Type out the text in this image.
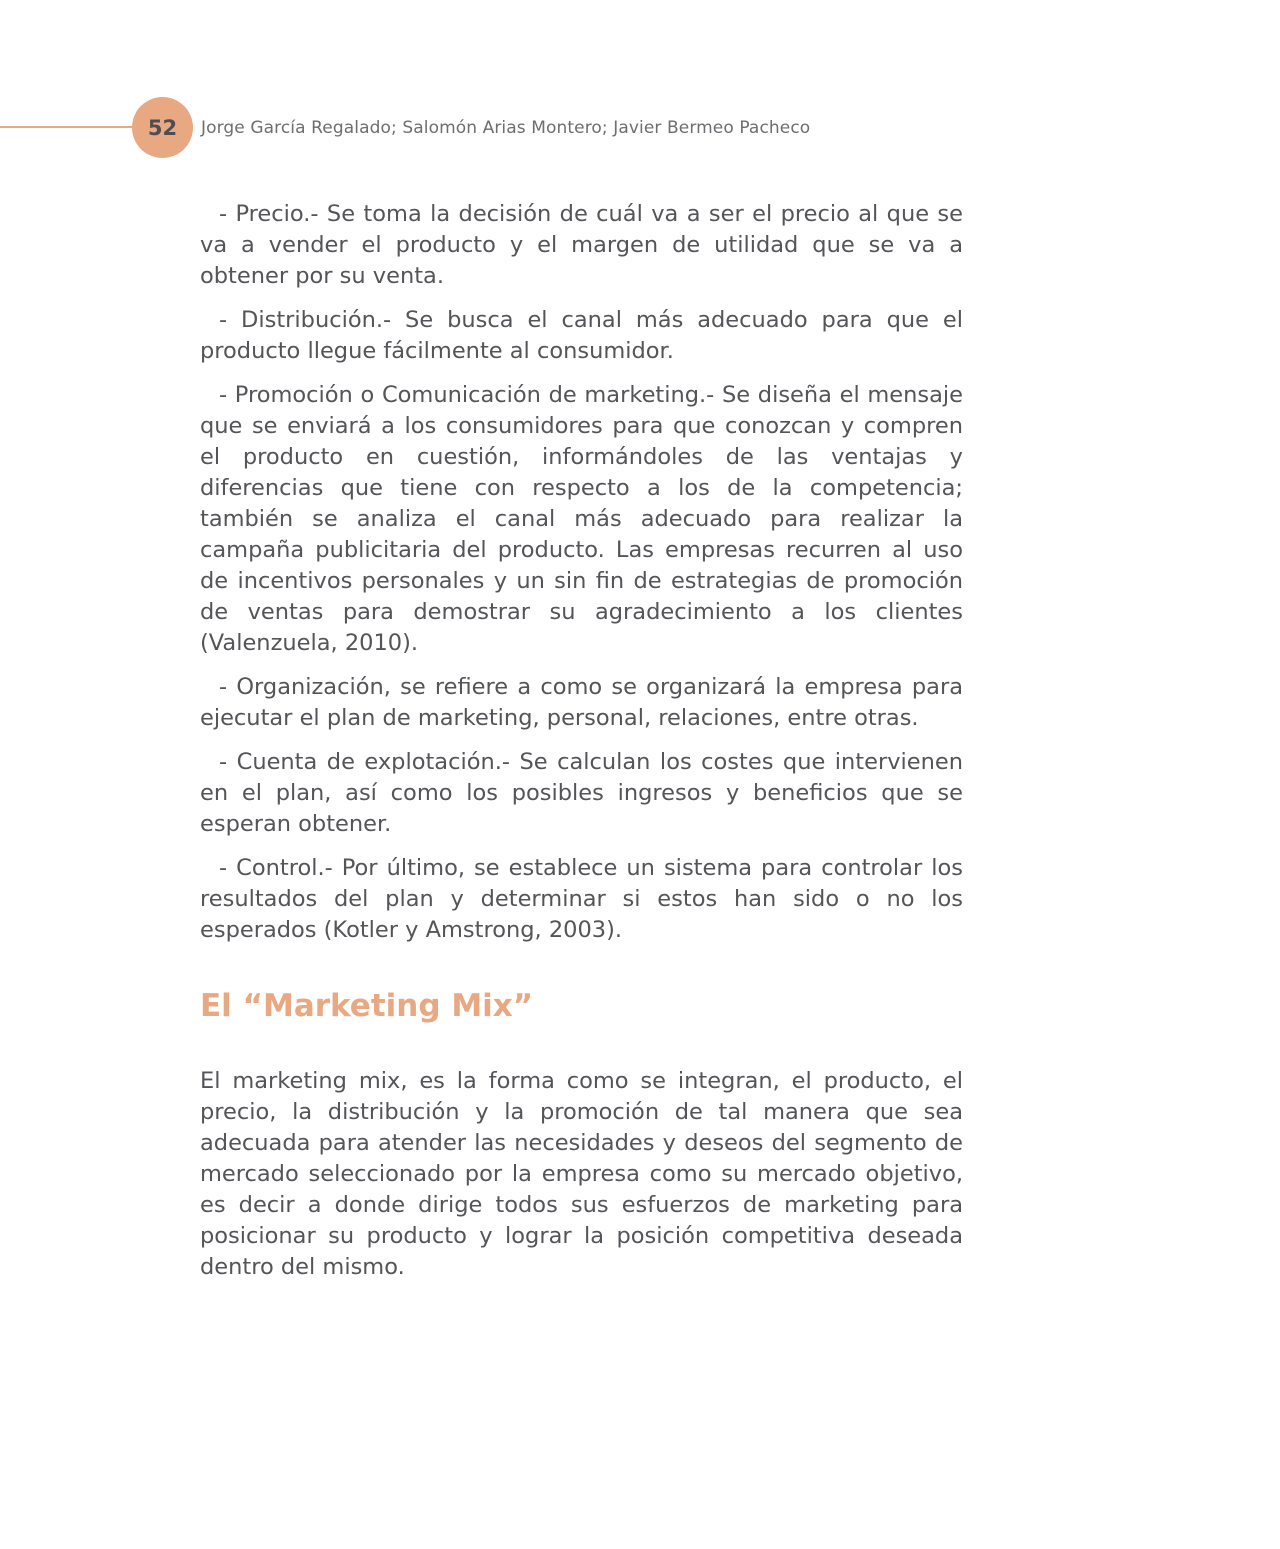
52 Jorge García Regalado; Salomón Arias Montero; Javier Bermeo Pacheco

- Precio.- Se toma la decisión de cuál va a ser el precio al que se va a vender el producto y el margen de utilidad que se va a obtener por su venta.

- Distribución.- Se busca el canal más adecuado para que el producto llegue fácilmente al consumidor.

- Promoción o Comunicación de marketing.- Se diseña el mensaje que se enviará a los consumidores para que conozcan y compren el producto en cuestión, informándoles de las ventajas y diferencias que tiene con respecto a los de la competencia; también se analiza el canal más adecuado para realizar la campaña publicitaria del producto. Las empresas recurren al uso de incentivos personales y un sin fin de estrategias de promoción de ventas para demostrar su agradecimiento a los clientes (Valenzuela, 2010).

- Organización, se refiere a como se organizará la empresa para ejecutar el plan de marketing, personal, relaciones, entre otras.

- Cuenta de explotación.- Se calculan los costes que intervienen en el plan, así como los posibles ingresos y beneficios que se esperan obtener.

- Control.- Por último, se establece un sistema para controlar los resultados del plan y determinar si estos han sido o no los esperados (Kotler y Amstrong, 2003).

El “Marketing Mix”

El marketing mix, es la forma como se integran, el producto, el precio, la distribución y la promoción de tal manera que sea adecuada para atender las necesidades y deseos del segmento de mercado seleccionado por la empresa como su mercado objetivo, es decir a donde dirige todos sus esfuerzos de marketing para posicionar su producto y lograr la posición competitiva deseada dentro del mismo.
